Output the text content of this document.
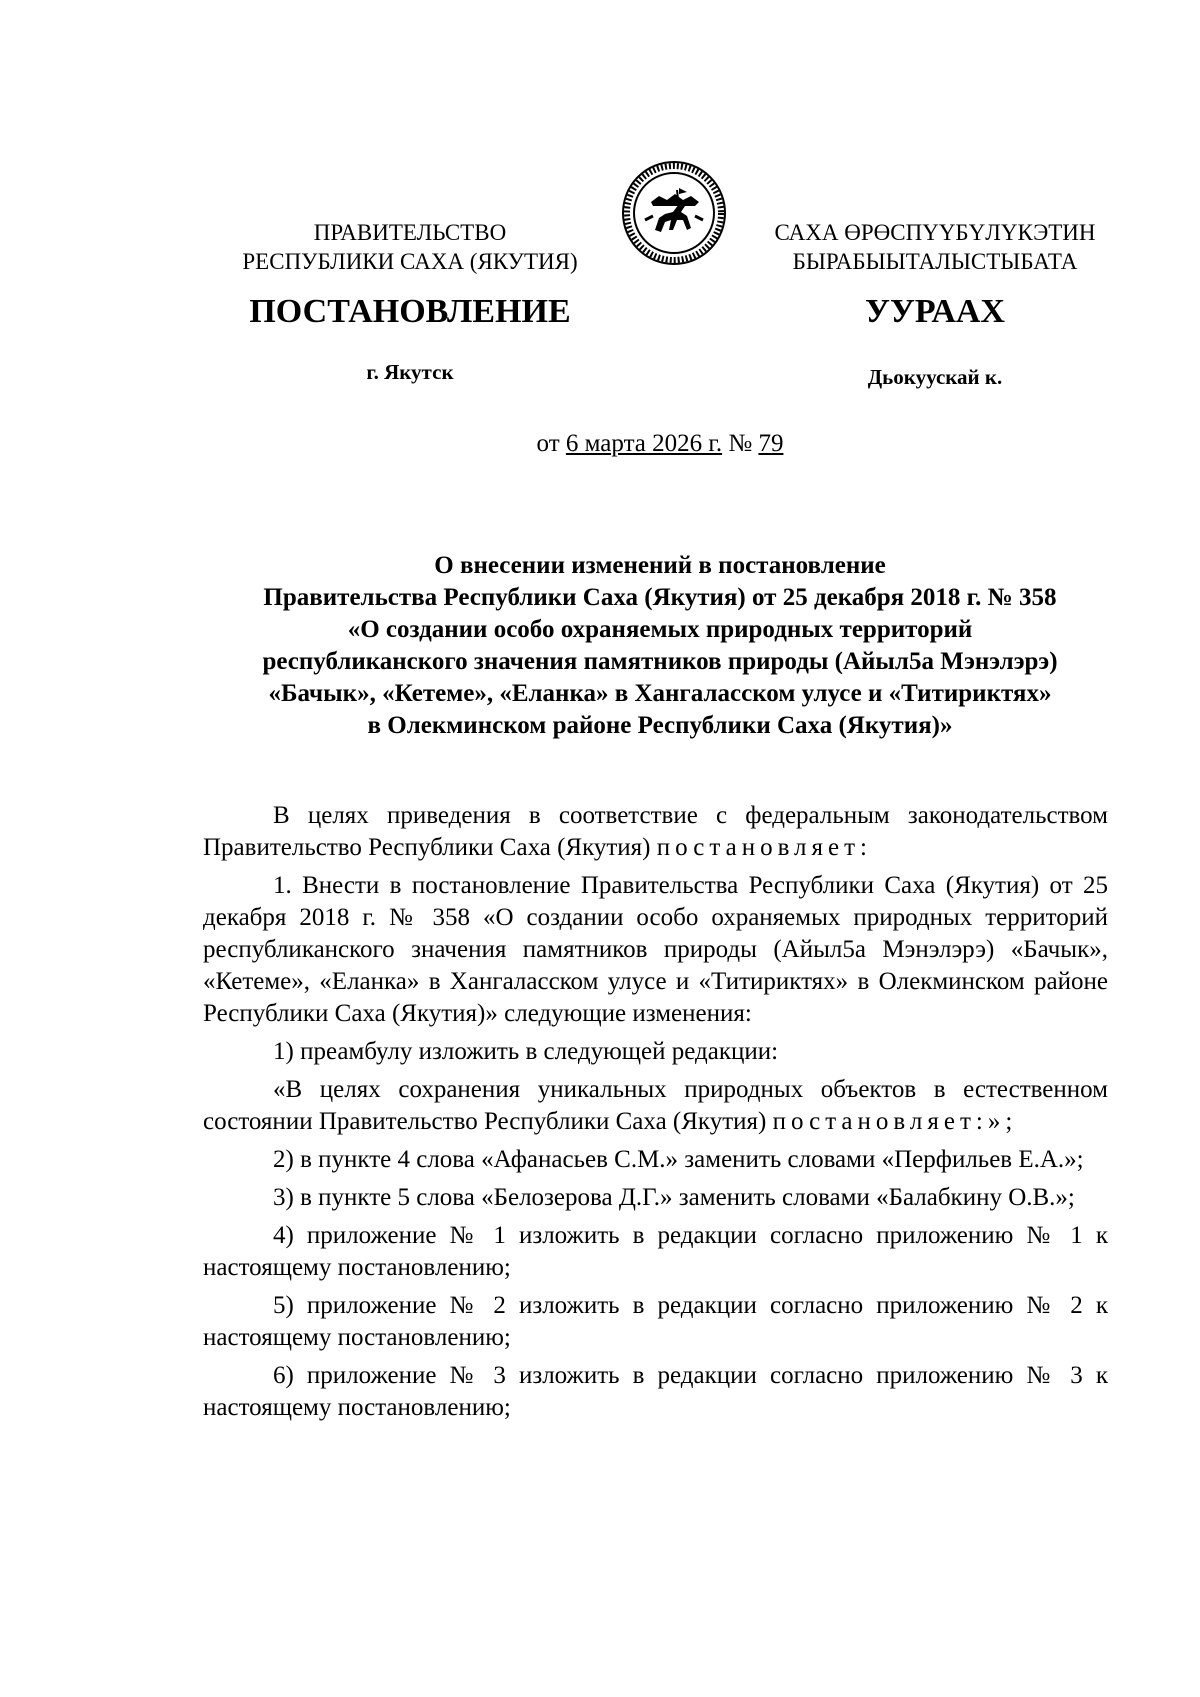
ПРАВИТЕЛЬСТВО
РЕСПУБЛИКИ САХА (ЯКУТИЯ)
САХА ӨРӨСПҮҮБҮЛҮКЭТИН
БЫРАБЫЫТАЛЫСТЫБАТА
ПОСТАНОВЛЕНИЕ	УУРААХ
г. Якутск	Дьокуускай к.
от 6 марта 2026 г. № 79
О внесении изменений в постановление
Правительства Республики Саха (Якутия) от 25 декабря 2018 г. № 358
«О создании особо охраняемых природных территорий
республиканского значения памятников природы (Айыл5а Мэнэлэрэ)
«Бачык», «Кетеме», «Еланка» в Хангаласском улусе и «Титириктях»
в Олекминском районе Республики Саха (Якутия)»

В целях приведения в соответствие с федеральным законодательством Правительство Республики Саха (Якутия) постановляет:

1. Внести в постановление Правительства Республики Саха (Якутия) от 25 декабря 2018 г. № 358 «О создании особо охраняемых природных территорий республиканского значения памятников природы (Айыл5а Мэнэлэрэ) «Бачык», «Кетеме», «Еланка» в Хангаласском улусе и «Титириктях» в Олекминском районе Республики Саха (Якутия)» следующие изменения:

1) преамбулу изложить в следующей редакции:

«В целях сохранения уникальных природных объектов в естественном состоянии Правительство Республики Саха (Якутия) постановляет:»;

2) в пункте 4 слова «Афанасьев С.М.» заменить словами «Перфильев Е.А.»;

3) в пункте 5 слова «Белозерова Д.Г.» заменить словами «Балабкину О.В.»;

4) приложение № 1 изложить в редакции согласно приложению № 1 к настоящему постановлению;

5) приложение № 2 изложить в редакции согласно приложению № 2 к настоящему постановлению;

6) приложение № 3 изложить в редакции согласно приложению № 3 к настоящему постановлению;
